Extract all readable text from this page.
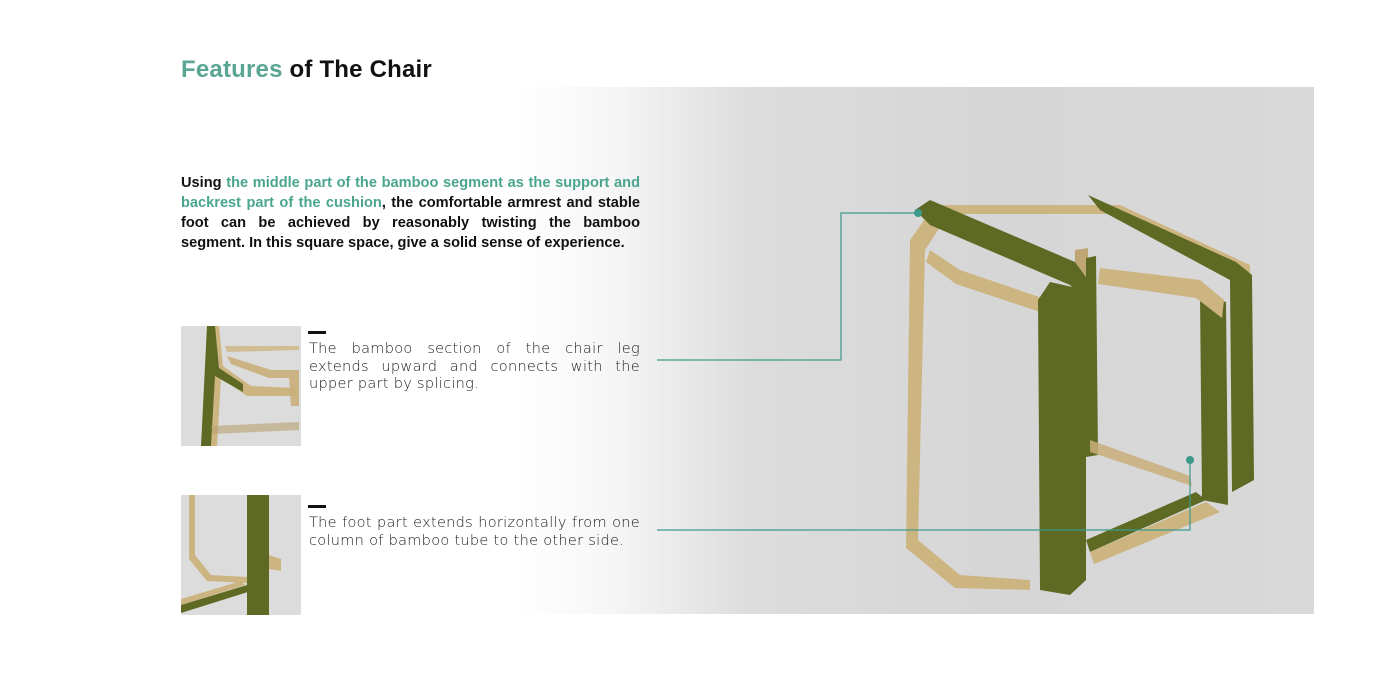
Features of The Chair

Using the middle part of the bamboo segment as the support and backrest part of the cushion, the comfortable armrest and stable foot can be achieved by reasonably twisting the bamboo segment. In this square space, give a solid sense of experience.

The bamboo section of the chair leg extends upward and connects with the upper part by splicing.

The foot part extends horizontally from one column of bamboo tube to the other side.
